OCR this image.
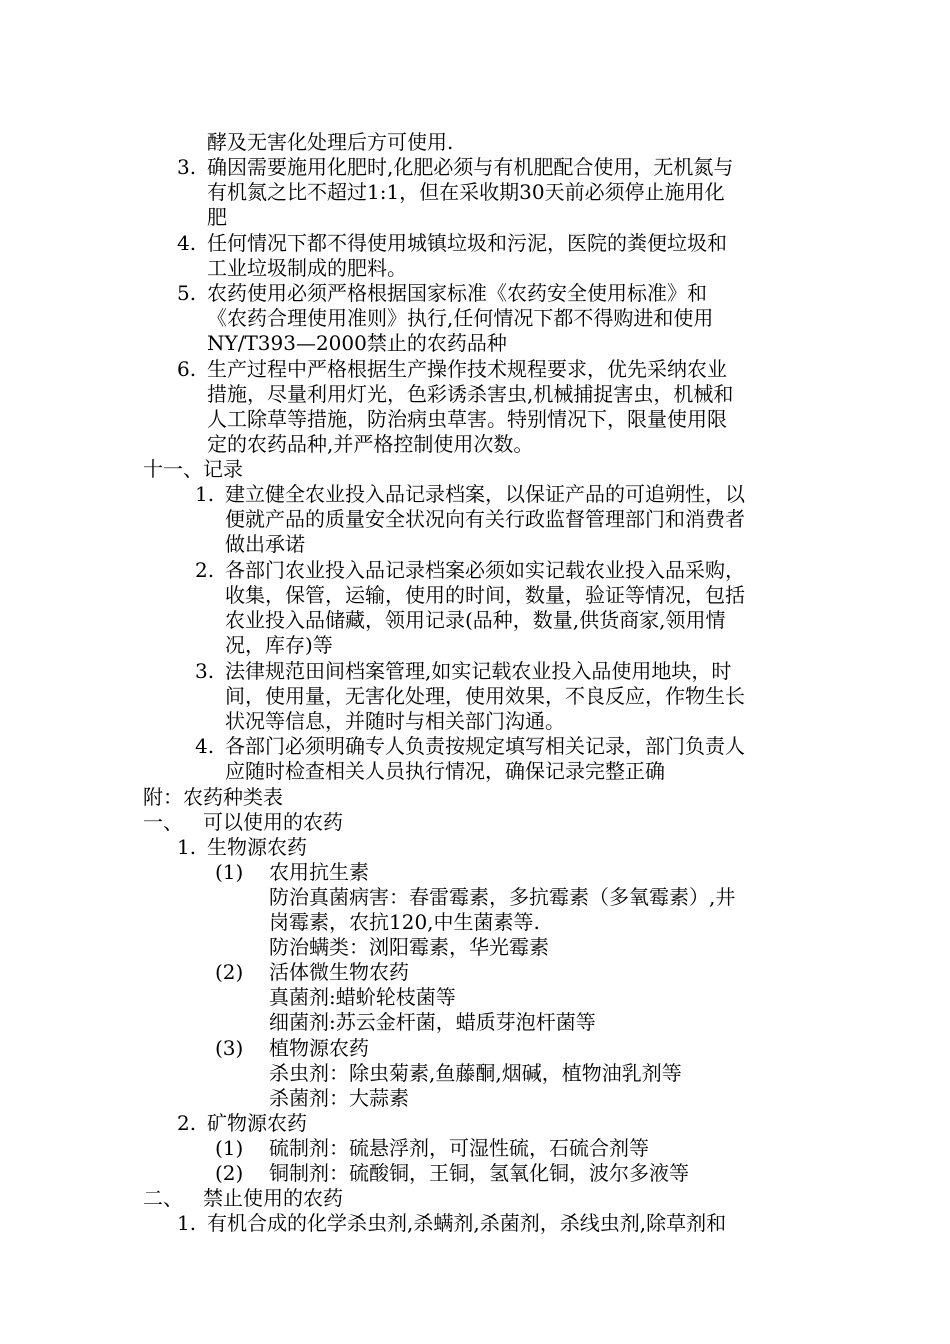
酵及无害化处理后方可使用.
3. 确因需要施用化肥时,化肥必须与有机肥配合使用，无机氮与
有机氮之比不超过1:1，但在采收期30天前必须停止施用化
肥
4. 任何情况下都不得使用城镇垃圾和污泥，医院的粪便垃圾和
工业垃圾制成的肥料。
5. 农药使用必须严格根据国家标准《农药安全使用标准》和
《农药合理使用准则》执行,任何情况下都不得购进和使用
NY/T393—2000禁止的农药品种
6. 生产过程中严格根据生产操作技术规程要求，优先采纳农业
措施，尽量利用灯光，色彩诱杀害虫,机械捕捉害虫，机械和
人工除草等措施，防治病虫草害。特别情况下，限量使用限
定的农药品种,并严格控制使用次数。
十一、记录
1. 建立健全农业投入品记录档案，以保证产品的可追朔性，以
便就产品的质量安全状况向有关行政监督管理部门和消费者
做出承诺
2. 各部门农业投入品记录档案必须如实记载农业投入品采购，
收集，保管，运输，使用的时间，数量，验证等情况，包括
农业投入品储藏，领用记录(品种，数量,供货商家,领用情
况，库存)等
3. 法律规范田间档案管理,如实记载农业投入品使用地块，时
间，使用量，无害化处理，使用效果，不良反应，作物生长
状况等信息，并随时与相关部门沟通。
4. 各部门必须明确专人负责按规定填写相关记录，部门负责人
应随时检查相关人员执行情况，确保记录完整正确
附：农药种类表
一、 可以使用的农药
1. 生物源农药
(1) 农用抗生素
防治真菌病害：春雷霉素，多抗霉素（多氧霉素）,井
岗霉素，农抗120,中生菌素等.
防治螨类：浏阳霉素，华光霉素
(2) 活体微生物农药
真菌剂:蜡蚧轮枝菌等
细菌剂:苏云金杆菌，蜡质芽泡杆菌等
(3) 植物源农药
杀虫剂：除虫菊素,鱼藤酮,烟碱，植物油乳剂等
杀菌剂：大蒜素
2. 矿物源农药
(1) 硫制剂：硫悬浮剂，可湿性硫，石硫合剂等
(2) 铜制剂：硫酸铜，王铜，氢氧化铜，波尔多液等
二、 禁止使用的农药
1. 有机合成的化学杀虫剂,杀螨剂,杀菌剂，杀线虫剂,除草剂和
